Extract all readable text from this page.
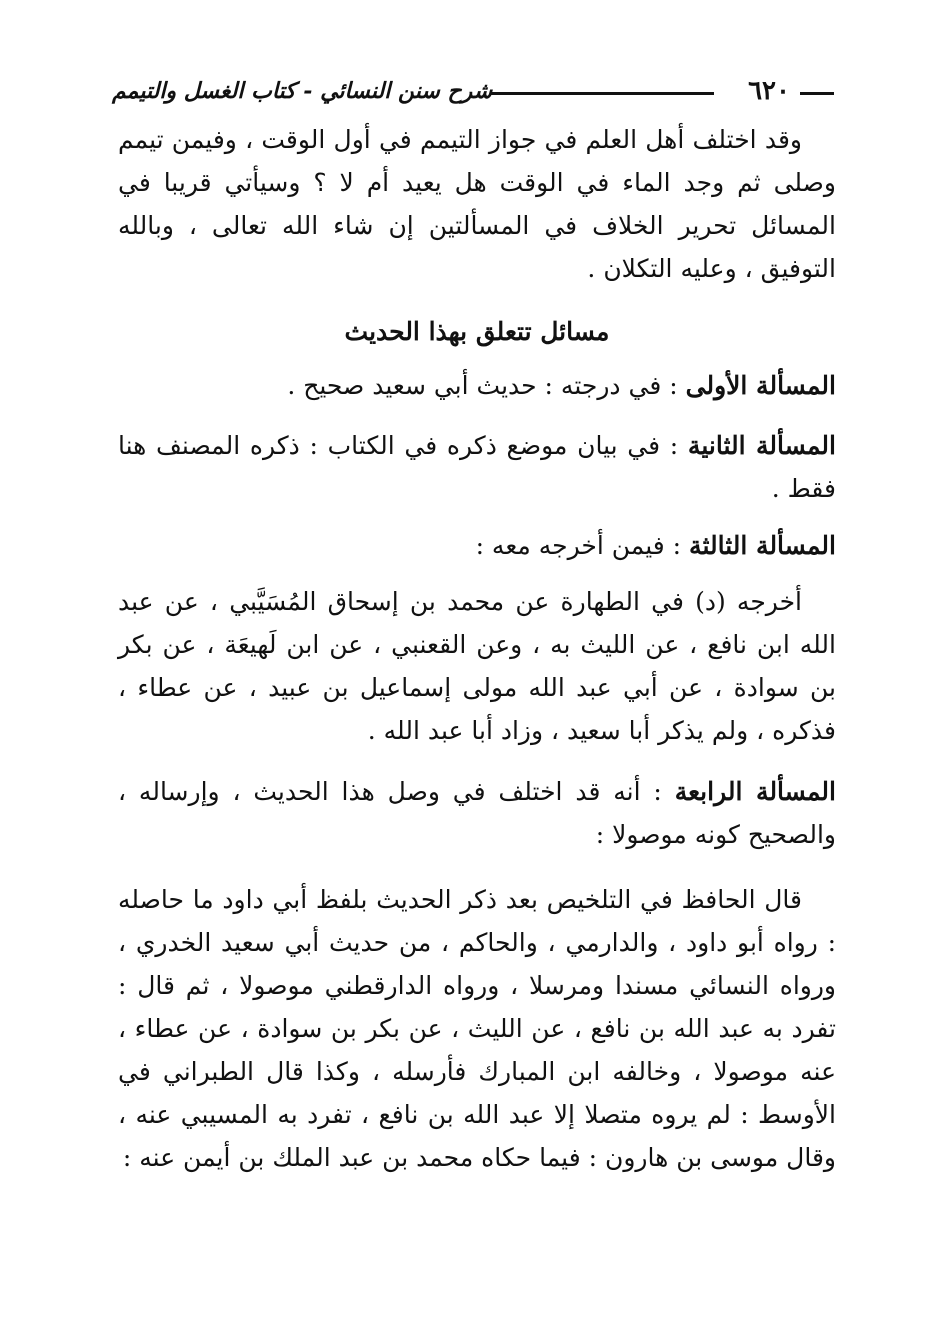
٦٢٠
شرح سنن النسائي - كتاب الغسل والتيمم
وقد اختلف أهل العلم في جواز التيمم في أول الوقت ، وفيمن تيمم وصلى ثم وجد الماء في الوقت هل يعيد أم لا ؟ وسيأتي قريبا في المسائل تحرير الخلاف في المسألتين إن شاء الله تعالى ، وبالله التوفيق ، وعليه التكلان .
مسائل تتعلق بهذا الحديث
المسألة الأولى : في درجته : حديث أبي سعيد صحيح .
المسألة الثانية : في بيان موضع ذكره في الكتاب : ذكره المصنف هنا فقط .
المسألة الثالثة : فيمن أخرجه معه :
أخرجه (د) في الطهارة عن محمد بن إسحاق المُسَيَّبي ، عن عبد الله ابن نافع ، عن الليث به ، وعن القعنبي ، عن ابن لَهيعَة ، عن بكر بن سوادة ، عن أبي عبد الله مولى إسماعيل بن عبيد ، عن عطاء ، فذكره ، ولم يذكر أبا سعيد ، وزاد أبا عبد الله .
المسألة الرابعة : أنه قد اختلف في وصل هذا الحديث ، وإرساله ، والصحيح كونه موصولا :
قال الحافظ في التلخيص بعد ذكر الحديث بلفظ أبي داود ما حاصله : رواه أبو داود ، والدارمي ، والحاكم ، من حديث أبي سعيد الخدري ، ورواه النسائي مسندا ومرسلا ، ورواه الدارقطني موصولا ، ثم قال : تفرد به عبد الله بن نافع ، عن الليث ، عن بكر بن سوادة ، عن عطاء ، عنه موصولا ، وخالفه ابن المبارك فأرسله ، وكذا قال الطبراني في الأوسط : لم يروه متصلا إلا عبد الله بن نافع ، تفرد به المسيبي عنه ، وقال موسى بن هارون : فيما حكاه محمد بن عبد الملك بن أيمن عنه :
